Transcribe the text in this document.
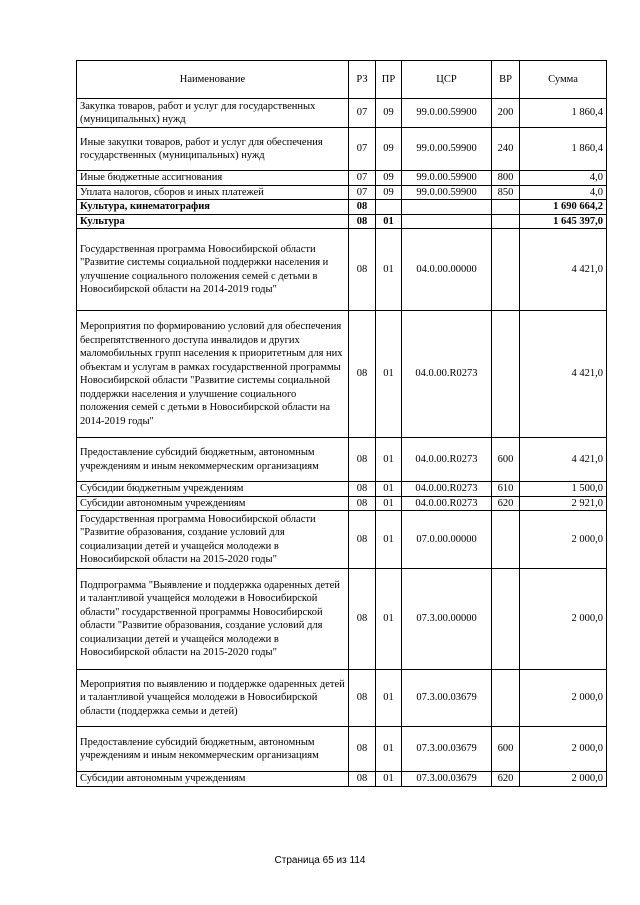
Наименование	РЗ	ПР	ЦСР	ВР	Сумма
Закупка товаров, работ и услуг для государственных (муниципальных) нужд	07	09	99.0.00.59900	200	1 860,4
Иные закупки товаров, работ и услуг для обеспечения государственных (муниципальных) нужд	07	09	99.0.00.59900	240	1 860,4
Иные бюджетные ассигнования	07	09	99.0.00.59900	800	4,0
Уплата налогов, сборов и иных платежей	07	09	99.0.00.59900	850	4,0
Культура, кинематография	08				1 690 664,2
Культура	08	01			1 645 397,0
Государственная программа Новосибирской области "Развитие системы социальной поддержки населения и улучшение социального положения семей с детьми в Новосибирской области на 2014-2019 годы"	08	01	04.0.00.00000		4 421,0
Мероприятия по формированию условий для обеспечения беспрепятственного доступа инвалидов и других маломобильных групп населения к приоритетным для них объектам и услугам в рамках государственной программы Новосибирской области "Развитие системы социальной поддержки населения и улучшение социального положения семей с детьми в Новосибирской области на 2014-2019 годы"	08	01	04.0.00.R0273		4 421,0
Предоставление субсидий бюджетным, автономным учреждениям и иным некоммерческим организациям	08	01	04.0.00.R0273	600	4 421,0
Субсидии бюджетным учреждениям	08	01	04.0.00.R0273	610	1 500,0
Субсидии автономным учреждениям	08	01	04.0.00.R0273	620	2 921,0
Государственная программа Новосибирской области "Развитие образования, создание условий для социализации детей и учащейся молодежи в Новосибирской области на 2015-2020 годы"	08	01	07.0.00.00000		2 000,0
Подпрограмма "Выявление и поддержка одаренных детей и талантливой учащейся молодежи в Новосибирской области" государственной программы Новосибирской области "Развитие образования, создание условий для социализации детей и учащейся молодежи в Новосибирской области на 2015-2020 годы"	08	01	07.3.00.00000		2 000,0
Мероприятия по выявлению и поддержке одаренных детей и талантливой учащейся молодежи в Новосибирской области (поддержка семьи и детей)	08	01	07.3.00.03679		2 000,0
Предоставление субсидий бюджетным, автономным учреждениям и иным некоммерческим организациям	08	01	07.3.00.03679	600	2 000,0
Субсидии автономным учреждениям	08	01	07.3.00.03679	620	2 000,0
Страница 65 из 114
